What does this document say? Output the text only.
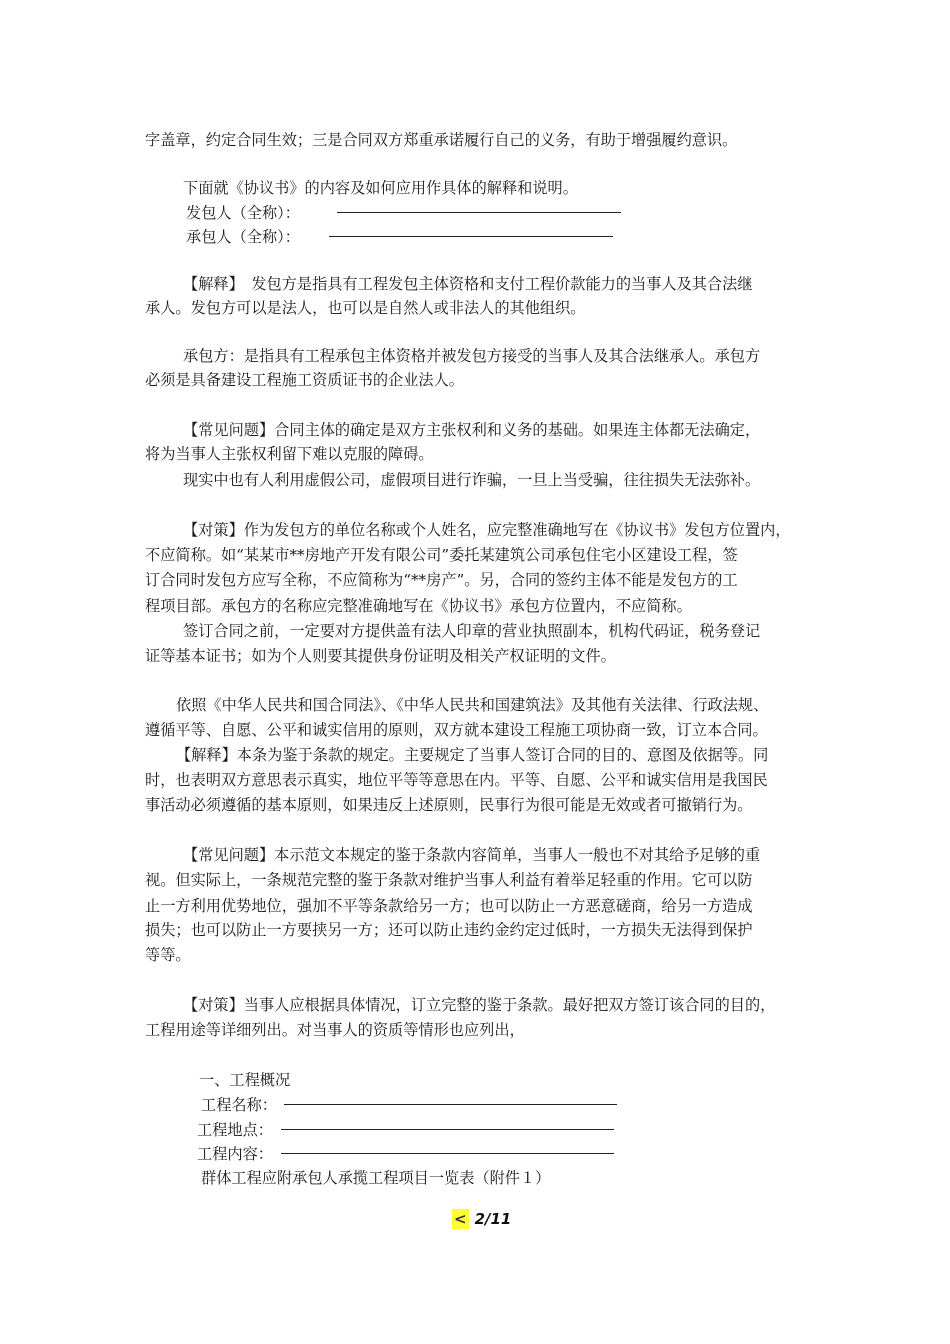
字盖章，约定合同生效；三是合同双方郑重承诺履行自己的义务，有助于增强履约意识。
下面就《协议书》的内容及如何应用作具体的解释和说明。
发包人（全称）：
承包人（全称）：
【解释】　发包方是指具有工程发包主体资格和支付工程价款能力的当事人及其合法继
承人。发包方可以是法人，也可以是自然人或非法人的其他组织。
承包方：是指具有工程承包主体资格并被发包方接受的当事人及其合法继承人。承包方
必须是具备建设工程施工资质证书的企业法人。
【常见问题】合同主体的确定是双方主张权利和义务的基础。如果连主体都无法确定，
将为当事人主张权利留下难以克服的障碍。
现实中也有人利用虚假公司，虚假项目进行诈骗，一旦上当受骗，往往损失无法弥补。
【对策】作为发包方的单位名称或个人姓名，应完整准确地写在《协议书》发包方位置内，
不应简称。如“某某市**房地产开发有限公司”委托某建筑公司承包住宅小区建设工程，签
订合同时发包方应写全称，不应简称为“**房产”。另，合同的签约主体不能是发包方的工
程项目部。承包方的名称应完整准确地写在《协议书》承包方位置内，不应简称。
签订合同之前，一定要对方提供盖有法人印章的营业执照副本，机构代码证，税务登记
证等基本证书；如为个人则要其提供身份证明及相关产权证明的文件。
依照《中华人民共和国合同法》、《中华人民共和国建筑法》及其他有关法律、行政法规、
遵循平等、自愿、公平和诚实信用的原则，双方就本建设工程施工项协商一致，订立本合同。
【解释】本条为鉴于条款的规定。主要规定了当事人签订合同的目的、意图及依据等。同
时，也表明双方意思表示真实，地位平等等意思在内。平等、自愿、公平和诚实信用是我国民
事活动必须遵循的基本原则，如果违反上述原则，民事行为很可能是无效或者可撤销行为。
【常见问题】本示范文本规定的鉴于条款内容简单，当事人一般也不对其给予足够的重
视。但实际上，一条规范完整的鉴于条款对维护当事人利益有着举足轻重的作用。它可以防
止一方利用优势地位，强加不平等条款给另一方；也可以防止一方恶意磋商，给另一方造成
损失；也可以防止一方要挟另一方；还可以防止违约金约定过低时，一方损失无法得到保护
等等。
【对策】当事人应根据具体情况，订立完整的鉴于条款。最好把双方签订该合同的目的，
工程用途等详细列出。对当事人的资质等情形也应列出，
一、工程概况
工程名称：
工程地点：
工程内容：
群体工程应附承包人承揽工程项目一览表（附件１）
< 2/11
